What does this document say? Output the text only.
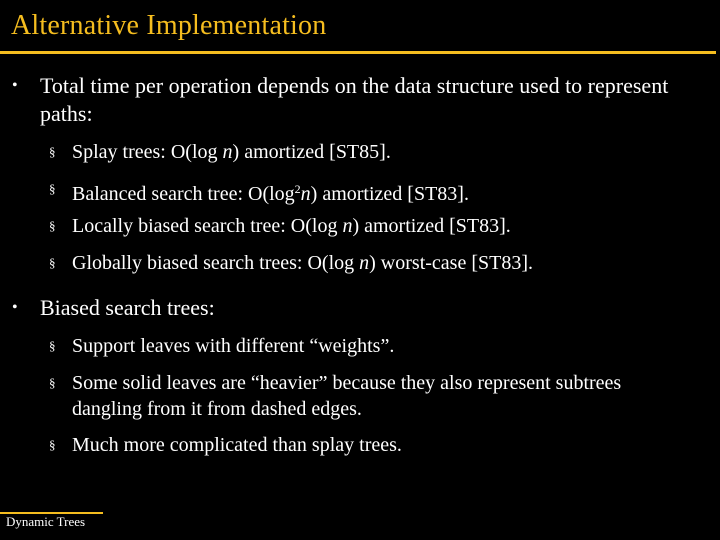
Alternative Implementation
• Total time per operation depends on the data structure used to represent paths:
§ Splay trees: O(log n) amortized [ST85].
§ Balanced search tree: $O(\log^2n)$ amortized [ST83].
§ Locally biased search tree: O(log n) amortized [ST83].
§ Globally biased search trees: O(log n) worst-case [ST83].
• Biased search trees:
§ Support leaves with different “weights”.
§ Some solid leaves are “heavier” because they also represent subtrees dangling from it from dashed edges.
§ Much more complicated than splay trees.
Dynamic Trees
